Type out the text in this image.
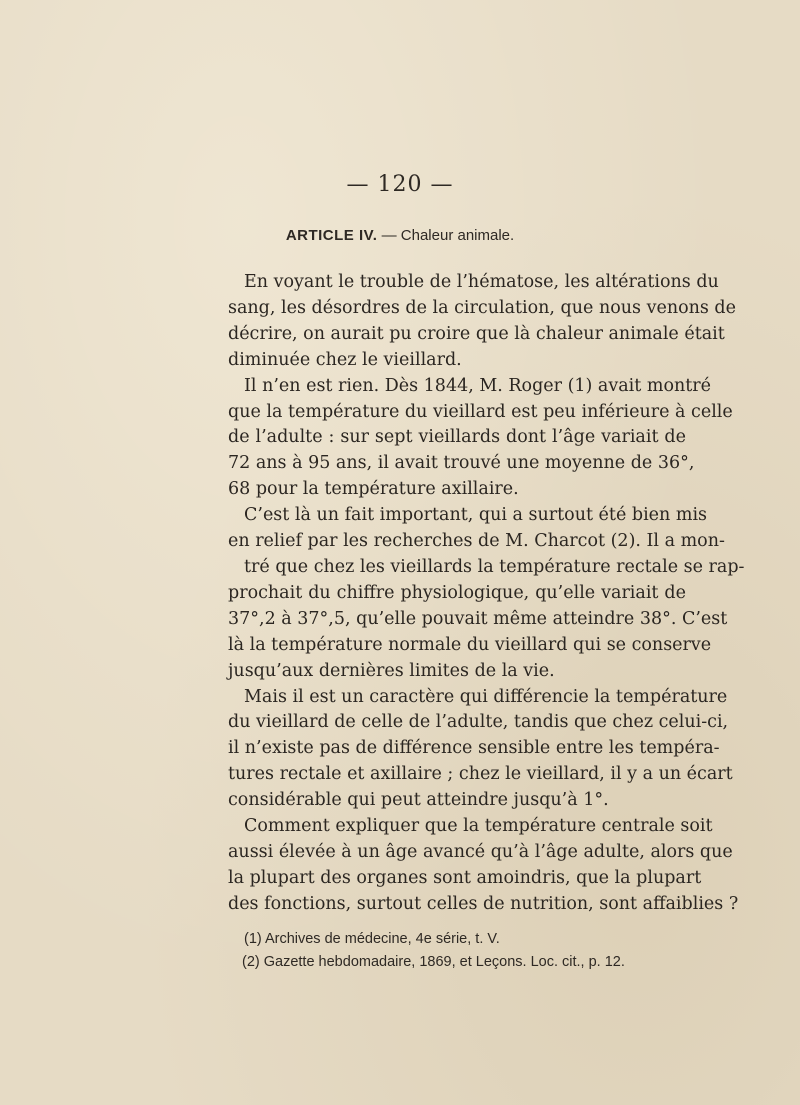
— 120 —
ARTICLE IV. — Chaleur animale.

En voyant le trouble de l’hématose, les altérations du
sang, les désordres de la circulation, que nous venons de
décrire, on aurait pu croire que là chaleur animale était
diminuée chez le vieillard.

Il n’en est rien. Dès 1844, M. Roger (1) avait montré
que la température du vieillard est peu inférieure à celle
de l’adulte : sur sept vieillards dont l’âge variait de
72 ans à 95 ans, il avait trouvé une moyenne de 36°,
68 pour la température axillaire.

C’est là un fait important, qui a surtout été bien mis
en relief par les recherches de M. Charcot (2). Il a mon-
tré que chez les vieillards la température rectale se rap-
prochait du chiffre physiologique, qu’elle variait de
37°,2 à 37°,5, qu’elle pouvait même atteindre 38°. C’est
là la température normale du vieillard qui se conserve
jusqu’aux dernières limites de la vie.

Mais il est un caractère qui différencie la température
du vieillard de celle de l’adulte, tandis que chez celui-ci,
il n’existe pas de différence sensible entre les tempéra-
tures rectale et axillaire ; chez le vieillard, il y a un écart
considérable qui peut atteindre jusqu’à 1°.

Comment expliquer que la température centrale soit
aussi élevée à un âge avancé qu’à l’âge adulte, alors que
la plupart des organes sont amoindris, que la plupart
des fonctions, surtout celles de nutrition, sont affaiblies ?

(1) Archives de médecine, 4e série, t. V.
(2) Gazette hebdomadaire, 1869, et Leçons. Loc. cit., p. 12.
